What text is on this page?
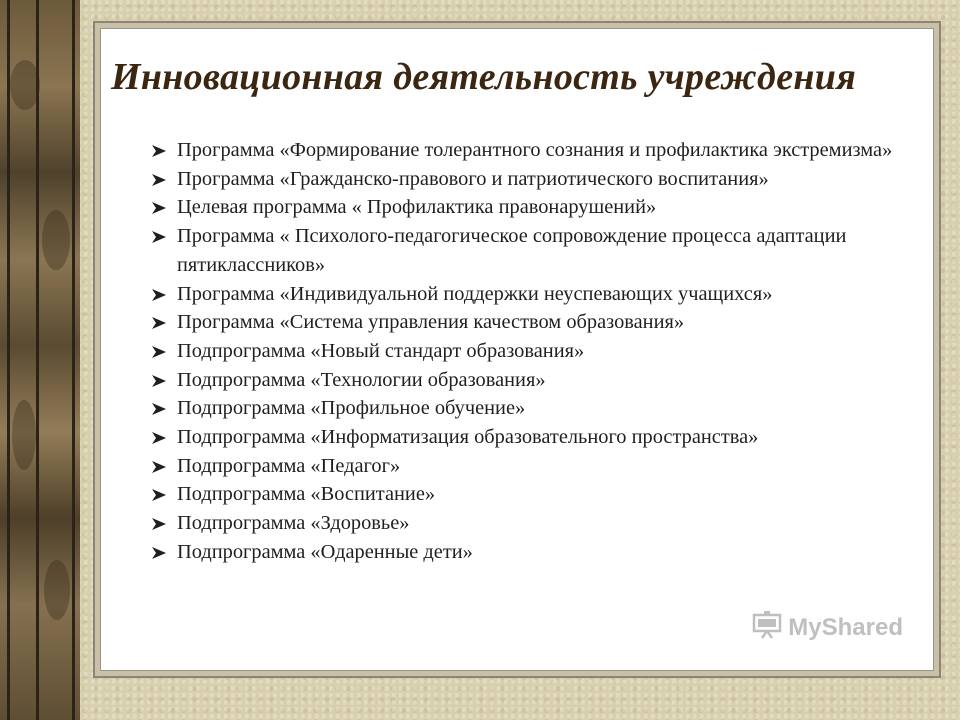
Инновационная деятельность учреждения
Программа «Формирование толерантного сознания и профилактика экстремизма»
Программа «Гражданско-правового и патриотического воспитания»
Целевая программа « Профилактика правонарушений»
Программа « Психолого-педагогическое сопровождение процесса адаптации пятиклассников»
Программа «Индивидуальной поддержки неуспевающих учащихся»
Программа «Система управления качеством образования»
Подпрограмма «Новый стандарт образования»
Подпрограмма «Технологии образования»
Подпрограмма «Профильное обучение»
Подпрограмма «Информатизация образовательного пространства»
Подпрограмма «Педагог»
Подпрограмма «Воспитание»
Подпрограмма «Здоровье»
Подпрограмма «Одаренные дети»
MyShared
